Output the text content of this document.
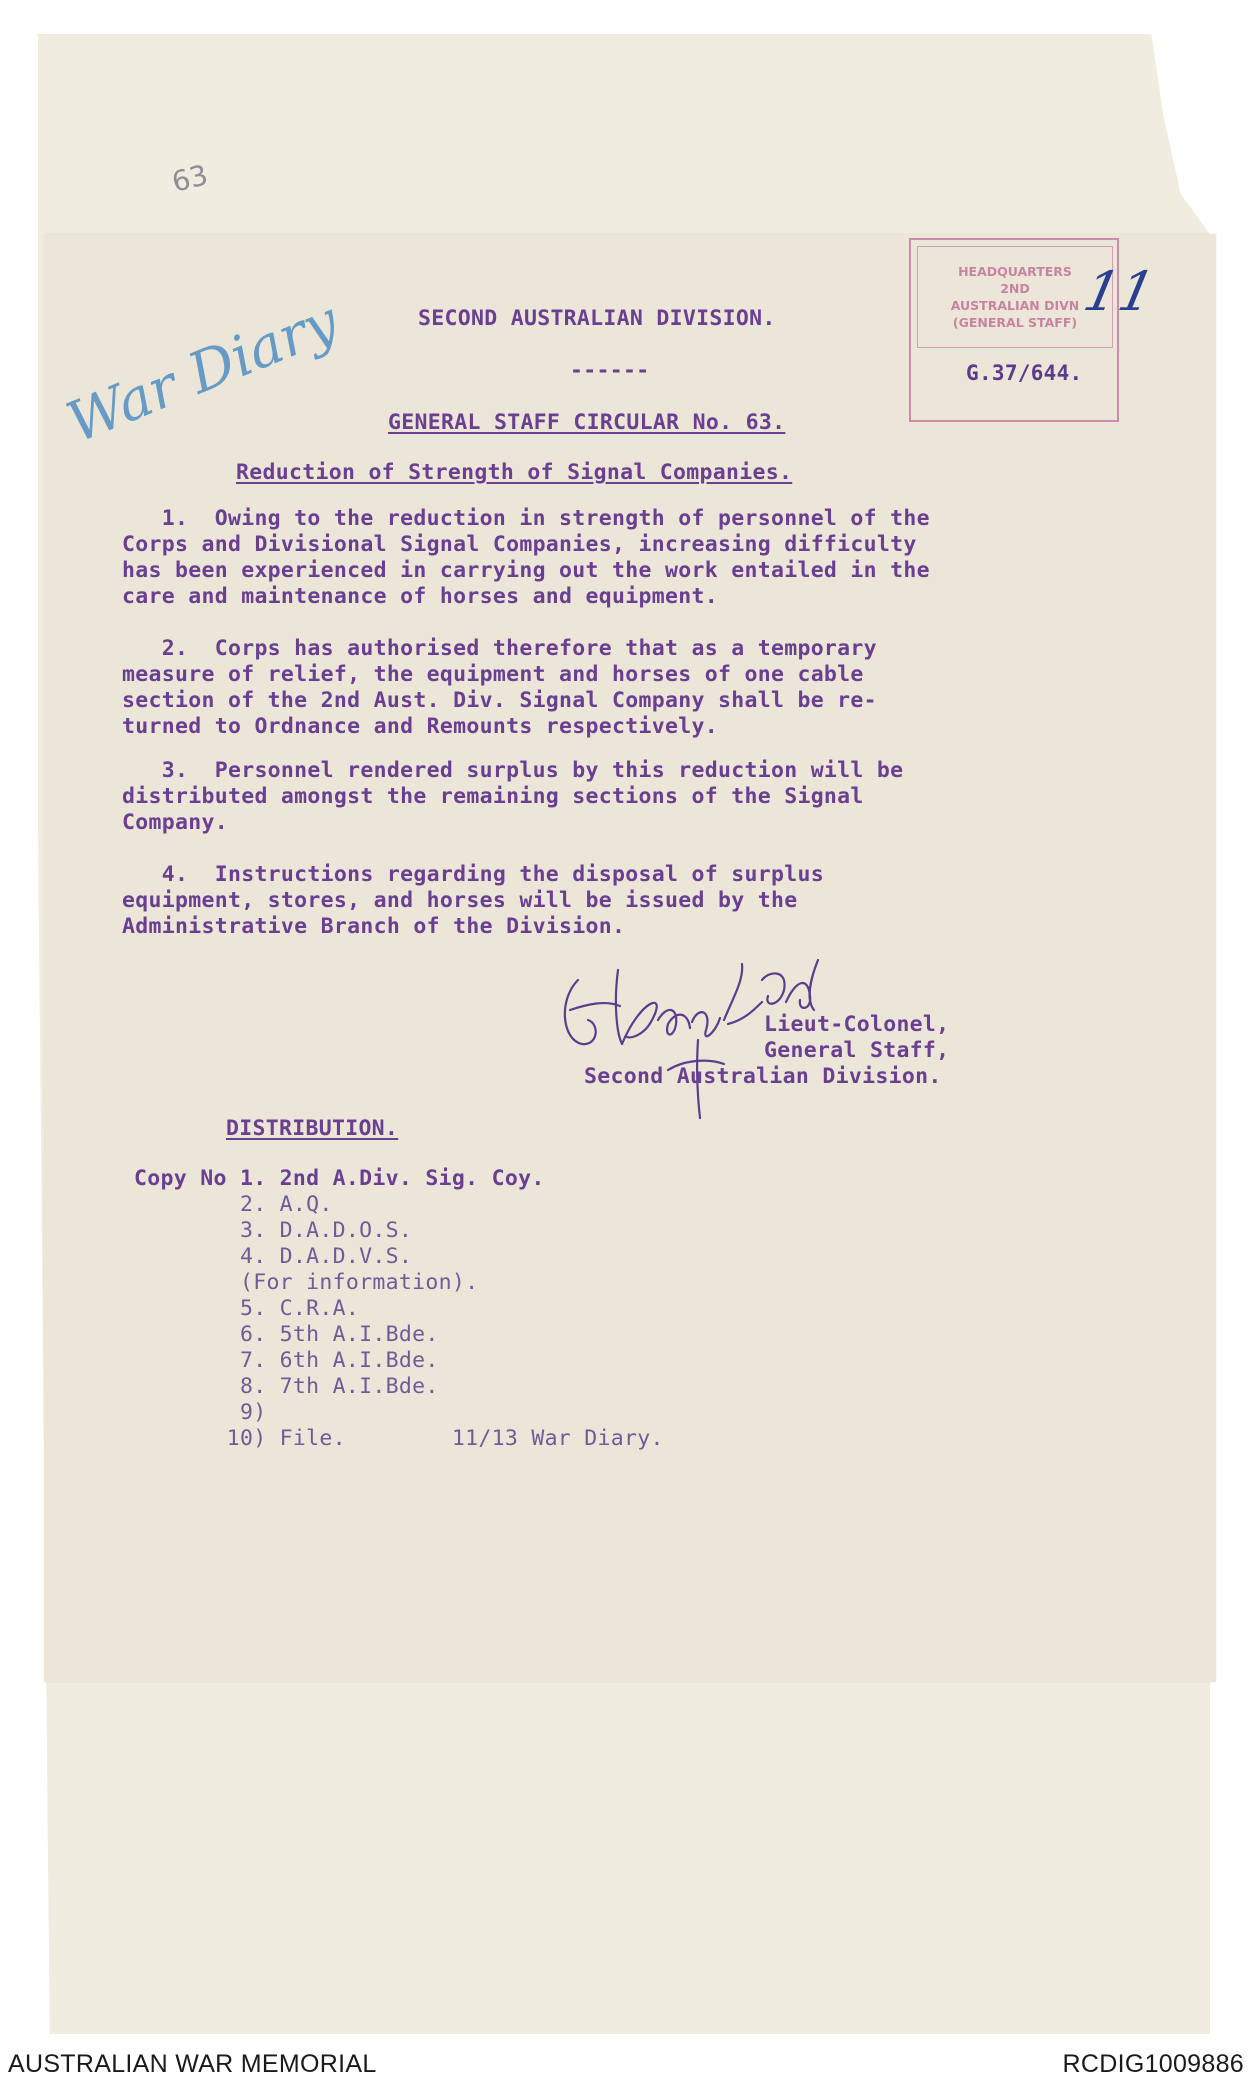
63
War Diary
HEADQUARTERS
2ND
AUSTRALIAN DIVN
(GENERAL STAFF) 11
G.37/644.
SECOND AUSTRALIAN DIVISION.
------
GENERAL STAFF CIRCULAR No. 63.
Reduction of Strength of Signal Companies.
1.  Owing to the reduction in strength of personnel of the
Corps and Divisional Signal Companies, increasing difficulty
has been experienced in carrying out the work entailed in the
care and maintenance of horses and equipment.
2.  Corps has authorised therefore that as a temporary
measure of relief, the equipment and horses of one cable
section of the 2nd Aust. Div. Signal Company shall be re-
turned to Ordnance and Remounts respectively.
3.  Personnel rendered surplus by this reduction will be
distributed amongst the remaining sections of the Signal
Company.
4.  Instructions regarding the disposal of surplus
equipment, stores, and horses will be issued by the
Administrative Branch of the Division.
Lieut-Colonel,
General Staff,
Second Australian Division.
DISTRIBUTION.
Copy No 1. 2nd A.Div. Sig. Coy.
2. A.Q.
3. D.A.D.O.S.
4. D.A.D.V.S.
(For information).
5. C.R.A.
6. 5th A.I.Bde.
7. 6th A.I.Bde.
8. 7th A.I.Bde.
9)
10) File.        11/13 War Diary.
AUSTRALIAN WAR MEMORIAL	RCDIG1009886
